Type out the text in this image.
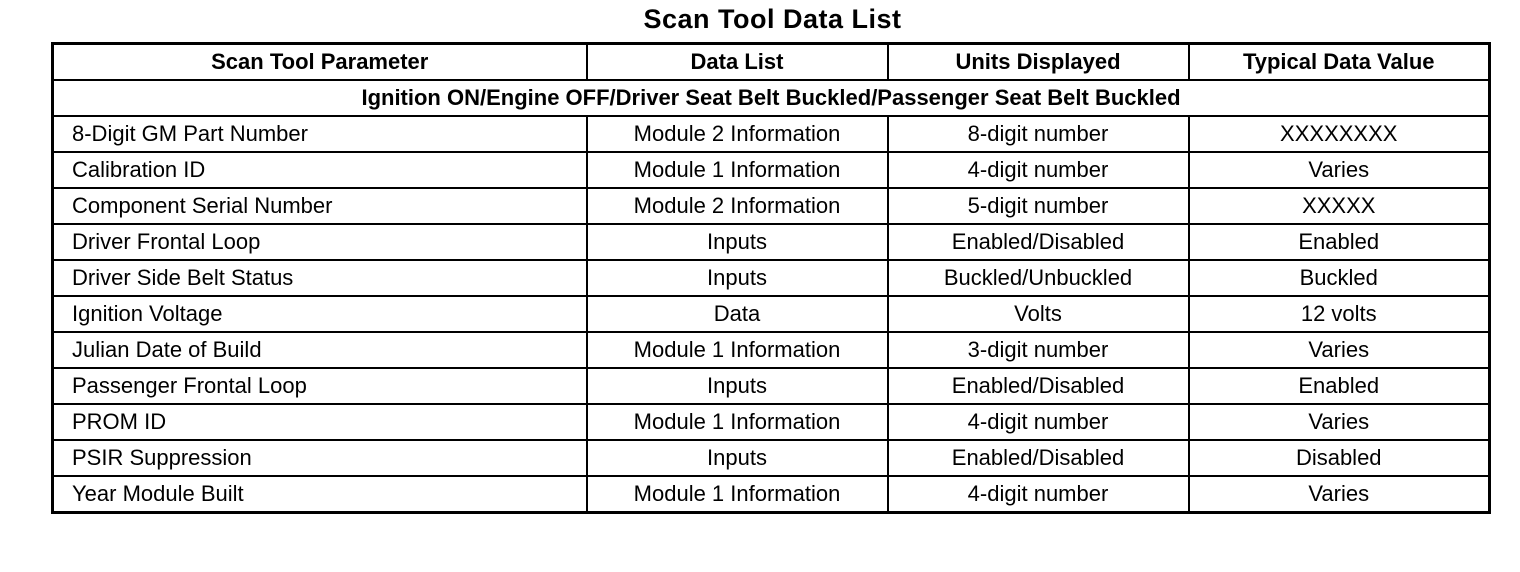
Scan Tool Data List
Scan Tool Parameter	Data List	Units Displayed	Typical Data Value
Ignition ON/Engine OFF/Driver Seat Belt Buckled/Passenger Seat Belt Buckled			
8-Digit GM Part Number	Module 2 Information	8-digit number	XXXXXXXX
Calibration ID	Module 1 Information	4-digit number	Varies
Component Serial Number	Module 2 Information	5-digit number	XXXXX
Driver Frontal Loop	Inputs	Enabled/Disabled	Enabled
Driver Side Belt Status	Inputs	Buckled/Unbuckled	Buckled
Ignition Voltage	Data	Volts	12 volts
Julian Date of Build	Module 1 Information	3-digit number	Varies
Passenger Frontal Loop	Inputs	Enabled/Disabled	Enabled
PROM ID	Module 1 Information	4-digit number	Varies
PSIR Suppression	Inputs	Enabled/Disabled	Disabled
Year Module Built	Module 1 Information	4-digit number	Varies
